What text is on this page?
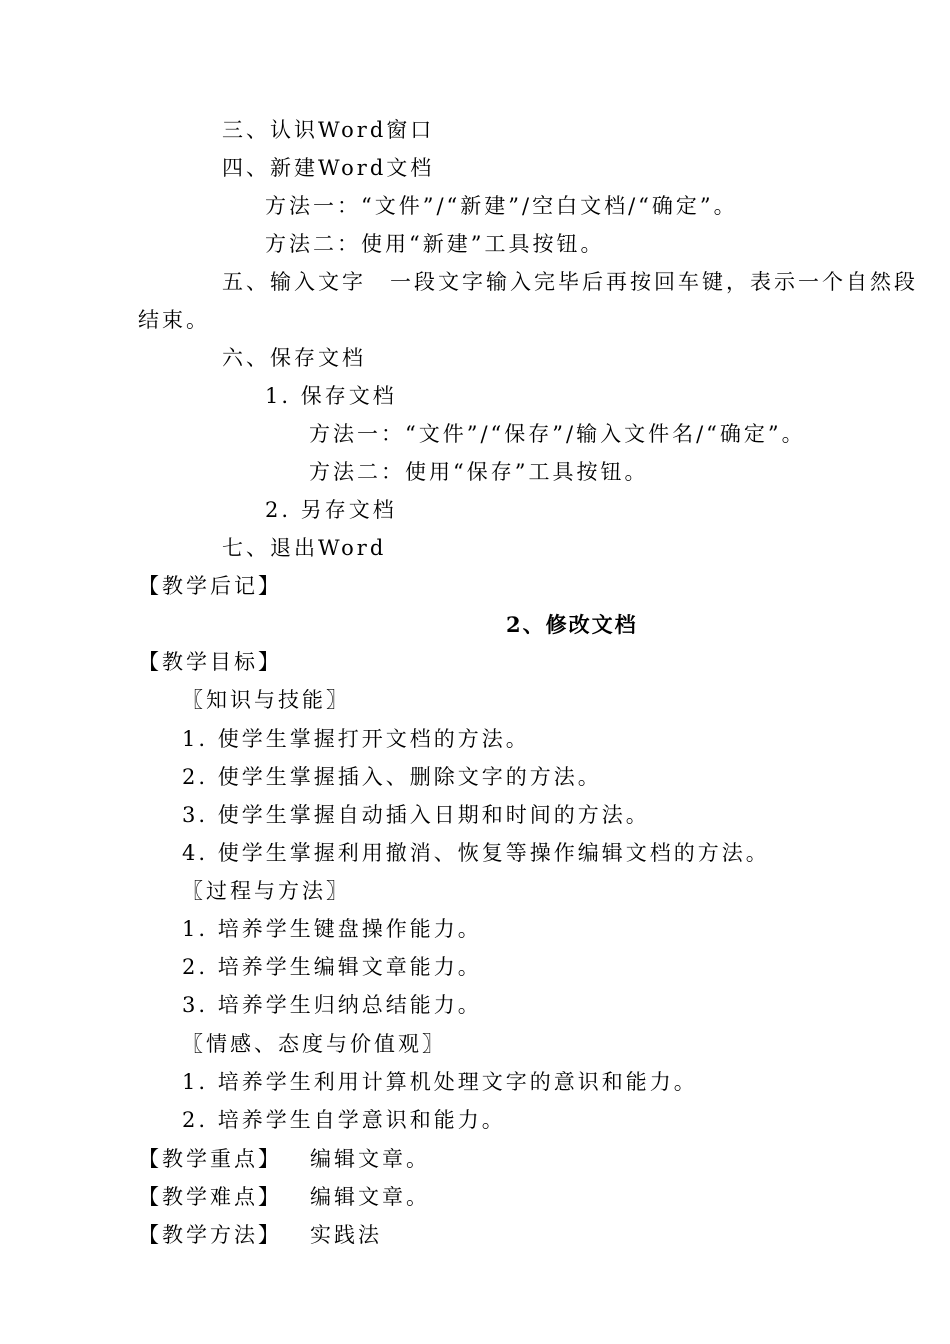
三、认识Word窗口
四、新建Word文档
方法一：“文件”/“新建”/空白文档/“确定”。
方法二：使用“新建”工具按钮。
五、输入文字　一段文字输入完毕后再按回车键，表示一个自然段
结束。
六、保存文档
1. 保存文档
方法一：“文件”/“保存”/输入文件名/“确定”。
方法二：使用“保存”工具按钮。
2. 另存文档
七、退出Word
【教学后记】
2、修改文档
【教学目标】
〖知识与技能〗
1. 使学生掌握打开文档的方法。
2. 使学生掌握插入、删除文字的方法。
3. 使学生掌握自动插入日期和时间的方法。
4. 使学生掌握利用撤消、恢复等操作编辑文档的方法。
〖过程与方法〗
1. 培养学生键盘操作能力。
2. 培养学生编辑文章能力。
3. 培养学生归纳总结能力。
〖情感、态度与价值观〗
1. 培养学生利用计算机处理文字的意识和能力。
2. 培养学生自学意识和能力。
【教学重点】 编辑文章。
【教学难点】 编辑文章。
【教学方法】 实践法
